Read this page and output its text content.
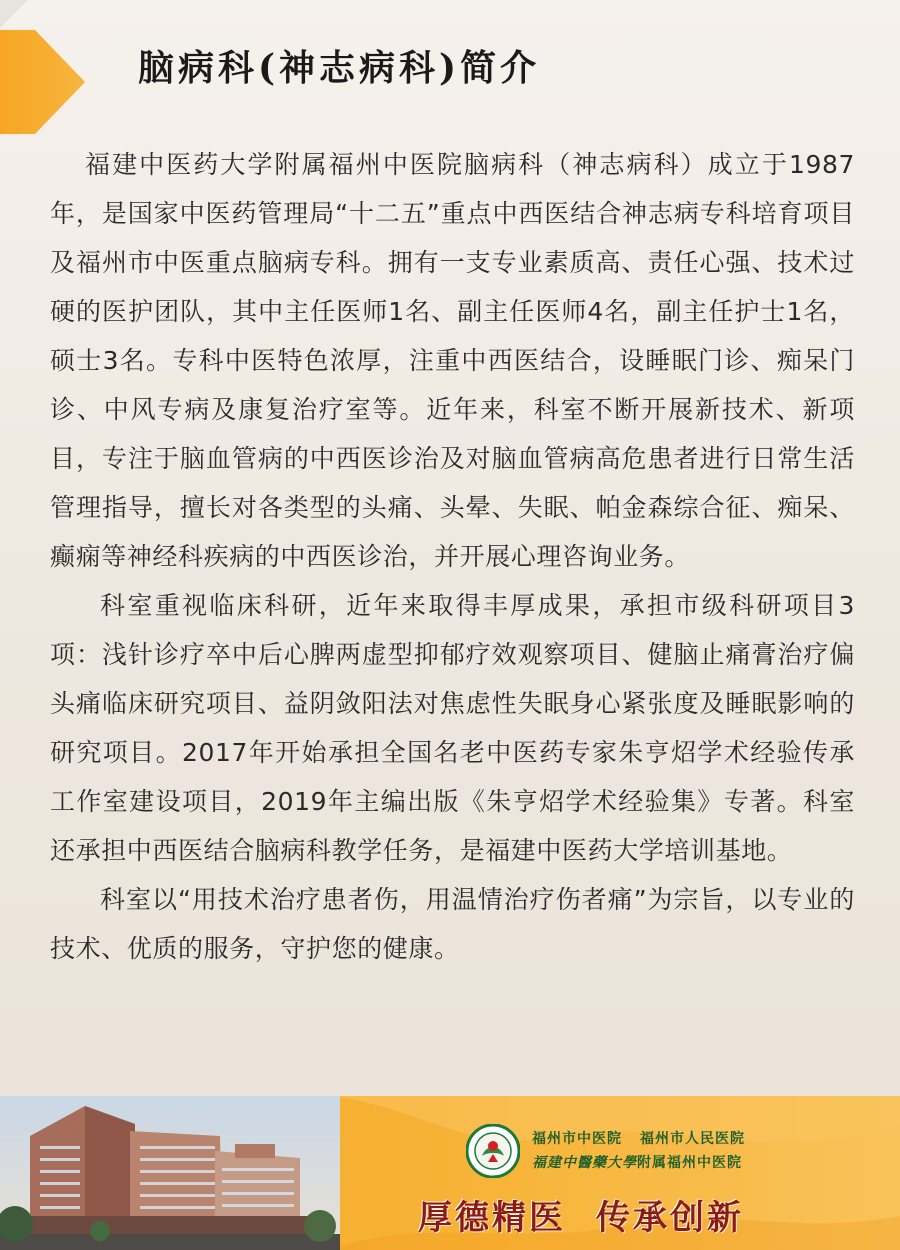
脑病科(神志病科)简介

福建中医药大学附属福州中医院脑病科（神志病科）成立于1987年，是国家中医药管理局“十二五”重点中西医结合神志病专科培育项目及福州市中医重点脑病专科。拥有一支专业素质高、责任心强、技术过硬的医护团队，其中主任医师1名、副主任医师4名，副主任护士1名，硕士3名。专科中医特色浓厚，注重中西医结合，设睡眠门诊、痴呆门诊、中风专病及康复治疗室等。近年来，科室不断开展新技术、新项目，专注于脑血管病的中西医诊治及对脑血管病高危患者进行日常生活管理指导，擅长对各类型的头痛、头晕、失眠、帕金森综合征、痴呆、癫痫等神经科疾病的中西医诊治，并开展心理咨询业务。

科室重视临床科研，近年来取得丰厚成果，承担市级科研项目3项：浅针诊疗卒中后心脾两虚型抑郁疗效观察项目、健脑止痛膏治疗偏头痛临床研究项目、益阴敛阳法对焦虑性失眠身心紧张度及睡眠影响的研究项目。2017年开始承担全国名老中医药专家朱亨炤学术经验传承工作室建设项目，2019年主编出版《朱亨炤学术经验集》专著。科室还承担中西医结合脑病科教学任务，是福建中医药大学培训基地。

科室以“用技术治疗患者伤，用温情治疗伤者痛”为宗旨，以专业的技术、优质的服务，守护您的健康。

福州市中医院 福州市人民医院
福建中醫藥大學附属福州中医院
厚德精医 传承创新
